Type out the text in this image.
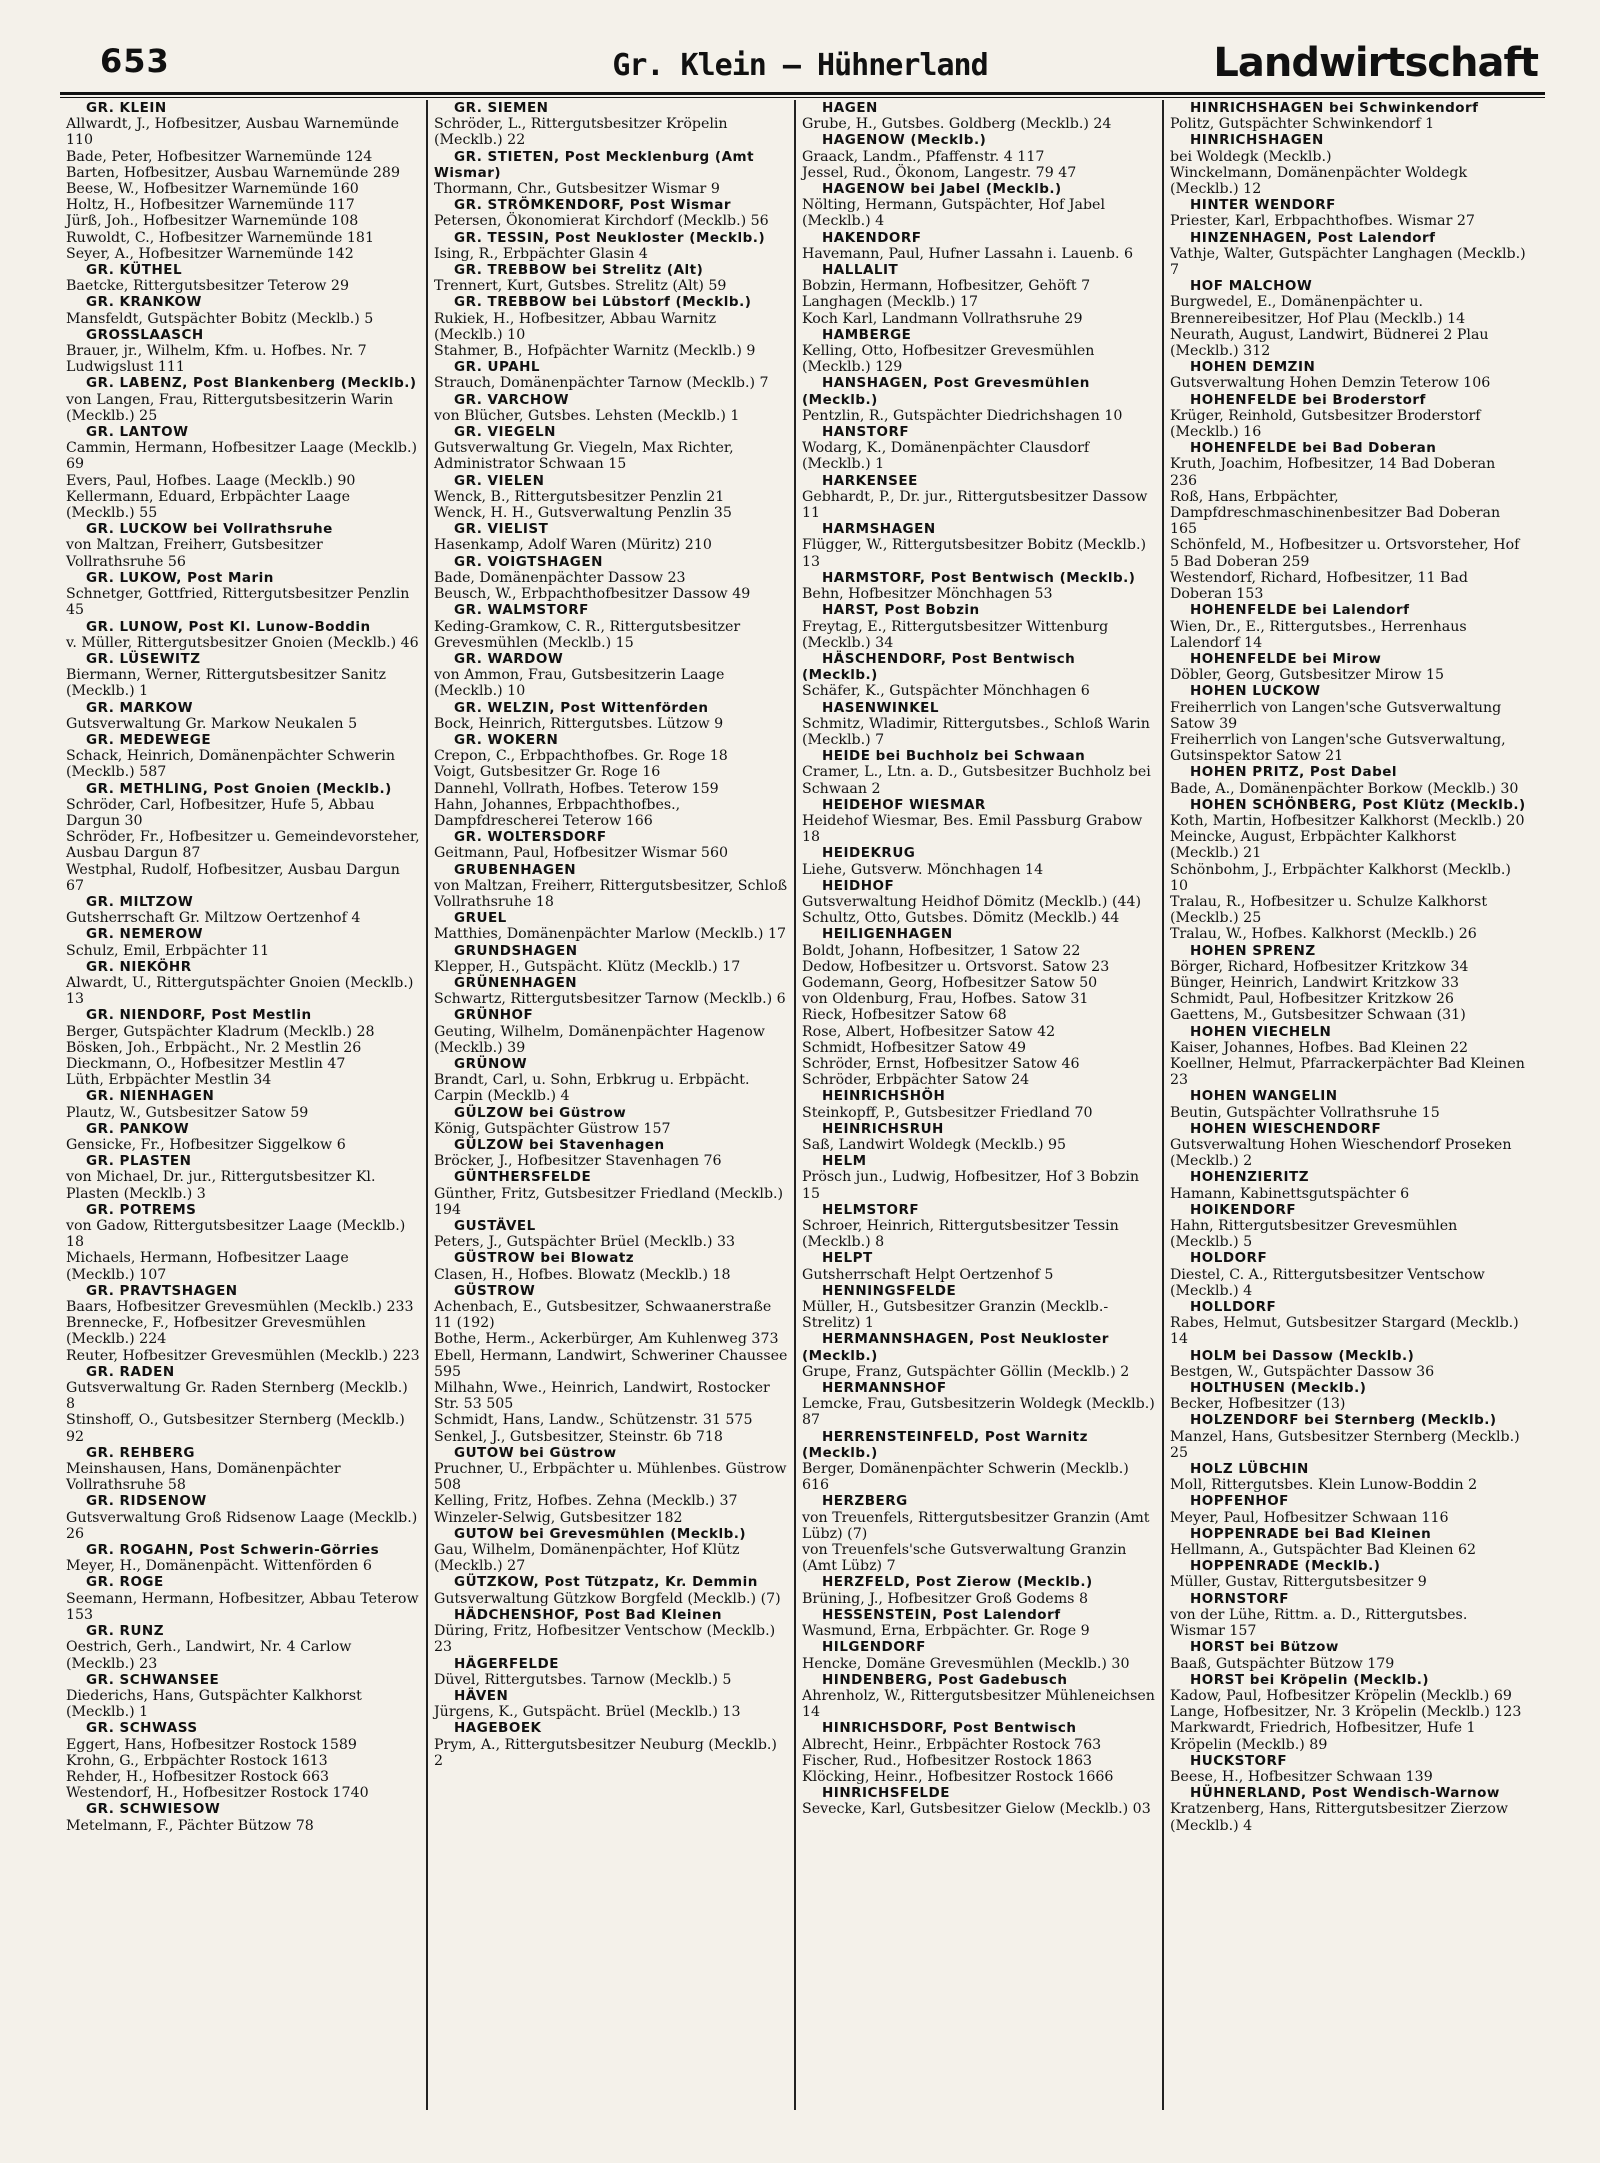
653	Gr. Klein — Hühnerland	Landwirtschaft
GR. KLEIN
Allwardt, J., Hofbesitzer, Ausbau Warnemünde 110
Bade, Peter, Hofbesitzer Warnemünde 124
Barten, Hofbesitzer, Ausbau Warnemünde 289
Beese, W., Hofbesitzer Warnemünde 160
Holtz, H., Hofbesitzer Warnemünde 117
Jürß, Joh., Hofbesitzer Warnemünde 108
Ruwoldt, C., Hofbesitzer Warnemünde 181
Seyer, A., Hofbesitzer Warnemünde 142
GR. KÜTHEL
Baetcke, Rittergutsbesitzer Teterow 29
GR. KRANKOW
Mansfeldt, Gutspächter Bobitz (Mecklb.) 5
GROSSLAASCH
Brauer, jr., Wilhelm, Kfm. u. Hofbes. Nr. 7 Ludwigslust 111
GR. LABENZ, Post Blankenberg (Mecklb.)
von Langen, Frau, Rittergutsbesitzerin Warin (Mecklb.) 25
GR. LANTOW
Cammin, Hermann, Hofbesitzer Laage (Mecklb.) 69
Evers, Paul, Hofbes. Laage (Mecklb.) 90
Kellermann, Eduard, Erbpächter Laage (Mecklb.) 55
GR. LUCKOW bei Vollrathsruhe
von Maltzan, Freiherr, Gutsbesitzer Vollrathsruhe 56
GR. LUKOW, Post Marin
Schnetger, Gottfried, Rittergutsbesitzer Penzlin 45
GR. LUNOW, Post Kl. Lunow-Boddin
v. Müller, Rittergutsbesitzer Gnoien (Mecklb.) 46
GR. LÜSEWITZ
Biermann, Werner, Rittergutsbesitzer Sanitz (Mecklb.) 1
GR. MARKOW
Gutsverwaltung Gr. Markow Neukalen 5
GR. MEDEWEGE
Schack, Heinrich, Domänenpächter Schwerin (Mecklb.) 587
GR. METHLING, Post Gnoien (Mecklb.)
Schröder, Carl, Hofbesitzer, Hufe 5, Abbau Dargun 30
Schröder, Fr., Hofbesitzer u. Gemeindevorsteher, Ausbau Dargun 87
Westphal, Rudolf, Hofbesitzer, Ausbau Dargun 67
GR. MILTZOW
Gutsherrschaft Gr. Miltzow Oertzenhof 4
GR. NEMEROW
Schulz, Emil, Erbpächter 11
GR. NIEKÖHR
Alwardt, U., Rittergutspächter Gnoien (Mecklb.) 13
GR. NIENDORF, Post Mestlin
Berger, Gutspächter Kladrum (Mecklb.) 28
Bösken, Joh., Erbpächt., Nr. 2 Mestlin 26
Dieckmann, O., Hofbesitzer Mestlin 47
Lüth, Erbpächter Mestlin 34
GR. NIENHAGEN
Plautz, W., Gutsbesitzer Satow 59
GR. PANKOW
Gensicke, Fr., Hofbesitzer Siggelkow 6
GR. PLASTEN
von Michael, Dr. jur., Rittergutsbesitzer Kl. Plasten (Mecklb.) 3
GR. POTREMS
von Gadow, Rittergutsbesitzer Laage (Mecklb.) 18
Michaels, Hermann, Hofbesitzer Laage (Mecklb.) 107
GR. PRAVTSHAGEN
Baars, Hofbesitzer Grevesmühlen (Mecklb.) 233
Brennecke, F., Hofbesitzer Grevesmühlen (Mecklb.) 224
Reuter, Hofbesitzer Grevesmühlen (Mecklb.) 223
GR. RADEN
Gutsverwaltung Gr. Raden Sternberg (Mecklb.) 8
Stinshoff, O., Gutsbesitzer Sternberg (Mecklb.) 92
GR. REHBERG
Meinshausen, Hans, Domänenpächter Vollrathsruhe 58
GR. RIDSENOW
Gutsverwaltung Groß Ridsenow Laage (Mecklb.) 26
GR. ROGAHN, Post Schwerin-Görries
Meyer, H., Domänenpächt. Wittenförden 6
GR. ROGE
Seemann, Hermann, Hofbesitzer, Abbau Teterow 153
GR. RUNZ
Oestrich, Gerh., Landwirt, Nr. 4 Carlow (Mecklb.) 23
GR. SCHWANSEE
Diederichs, Hans, Gutspächter Kalkhorst (Mecklb.) 1
GR. SCHWASS
Eggert, Hans, Hofbesitzer Rostock 1589
Krohn, G., Erbpächter Rostock 1613
Rehder, H., Hofbesitzer Rostock 663
Westendorf, H., Hofbesitzer Rostock 1740
GR. SCHWIESOW
Metelmann, F., Pächter Bützow 78
GR. SIEMEN
Schröder, L., Rittergutsbesitzer Kröpelin (Mecklb.) 22
GR. STIETEN, Post Mecklenburg (Amt Wismar)
Thormann, Chr., Gutsbesitzer Wismar 9
GR. STRÖMKENDORF, Post Wismar
Petersen, Ökonomierat Kirchdorf (Mecklb.) 56
GR. TESSIN, Post Neukloster (Mecklb.)
Ising, R., Erbpächter Glasin 4
GR. TREBBOW bei Strelitz (Alt)
Trennert, Kurt, Gutsbes. Strelitz (Alt) 59
GR. TREBBOW bei Lübstorf (Mecklb.)
Rukiek, H., Hofbesitzer, Abbau Warnitz (Mecklb.) 10
Stahmer, B., Hofpächter Warnitz (Mecklb.) 9
GR. UPAHL
Strauch, Domänenpächter Tarnow (Mecklb.) 7
GR. VARCHOW
von Blücher, Gutsbes. Lehsten (Mecklb.) 1
GR. VIEGELN
Gutsverwaltung Gr. Viegeln, Max Richter, Administrator Schwaan 15
GR. VIELEN
Wenck, B., Rittergutsbesitzer Penzlin 21
Wenck, H. H., Gutsverwaltung Penzlin 35
GR. VIELIST
Hasenkamp, Adolf Waren (Müritz) 210
GR. VOIGTSHAGEN
Bade, Domänenpächter Dassow 23
Beusch, W., Erbpachthofbesitzer Dassow 49
GR. WALMSTORF
Keding-Gramkow, C. R., Rittergutsbesitzer Grevesmühlen (Mecklb.) 15
GR. WARDOW
von Ammon, Frau, Gutsbesitzerin Laage (Mecklb.) 10
GR. WELZIN, Post Wittenförden
Bock, Heinrich, Rittergutsbes. Lützow 9
GR. WOKERN
Crepon, C., Erbpachthofbes. Gr. Roge 18
Voigt, Gutsbesitzer Gr. Roge 16
Dannehl, Vollrath, Hofbes. Teterow 159
Hahn, Johannes, Erbpachthofbes., Dampfdrescherei Teterow 166
GR. WOLTERSDORF
Geitmann, Paul, Hofbesitzer Wismar 560
GRUBENHAGEN
von Maltzan, Freiherr, Rittergutsbesitzer, Schloß Vollrathsruhe 18
GRUEL
Matthies, Domänenpächter Marlow (Mecklb.) 17
GRUNDSHAGEN
Klepper, H., Gutspächt. Klütz (Mecklb.) 17
GRÜNENHAGEN
Schwartz, Rittergutsbesitzer Tarnow (Mecklb.) 6
GRÜNHOF
Geuting, Wilhelm, Domänenpächter Hagenow (Mecklb.) 39
GRÜNOW
Brandt, Carl, u. Sohn, Erbkrug u. Erbpächt. Carpin (Mecklb.) 4
GÜLZOW bei Güstrow
König, Gutspächter Güstrow 157
GÜLZOW bei Stavenhagen
Bröcker, J., Hofbesitzer Stavenhagen 76
GÜNTHERSFELDE
Günther, Fritz, Gutsbesitzer Friedland (Mecklb.) 194
GUSTÄVEL
Peters, J., Gutspächter Brüel (Mecklb.) 33
GÜSTROW bei Blowatz
Clasen, H., Hofbes. Blowatz (Mecklb.) 18
GÜSTROW
Achenbach, E., Gutsbesitzer, Schwaanerstraße 11 (192)
Bothe, Herm., Ackerbürger, Am Kuhlenweg 373
Ebell, Hermann, Landwirt, Schweriner Chaussee 595
Milhahn, Wwe., Heinrich, Landwirt, Rostocker Str. 53 505
Schmidt, Hans, Landw., Schützenstr. 31 575
Senkel, J., Gutsbesitzer, Steinstr. 6b 718
GUTOW bei Güstrow
Pruchner, U., Erbpächter u. Mühlenbes. Güstrow 508
Kelling, Fritz, Hofbes. Zehna (Mecklb.) 37
Winzeler-Selwig, Gutsbesitzer 182
GUTOW bei Grevesmühlen (Mecklb.)
Gau, Wilhelm, Domänenpächter, Hof Klütz (Mecklb.) 27
GÜTZKOW, Post Tützpatz, Kr. Demmin
Gutsverwaltung Gützkow Borgfeld (Mecklb.) (7)
HÄDCHENSHOF, Post Bad Kleinen
Düring, Fritz, Hofbesitzer Ventschow (Mecklb.) 23
HÄGERFELDE
Düvel, Rittergutsbes. Tarnow (Mecklb.) 5
HÄVEN
Jürgens, K., Gutspächt. Brüel (Mecklb.) 13
HAGEBOEK
Prym, A., Rittergutsbesitzer Neuburg (Mecklb.) 2
HAGEN
Grube, H., Gutsbes. Goldberg (Mecklb.) 24
HAGENOW (Mecklb.)
Graack, Landm., Pfaffenstr. 4 117
Jessel, Rud., Ökonom, Langestr. 79 47
HAGENOW bei Jabel (Mecklb.)
Nölting, Hermann, Gutspächter, Hof Jabel (Mecklb.) 4
HAKENDORF
Havemann, Paul, Hufner Lassahn i. Lauenb. 6
HALLALIT
Bobzin, Hermann, Hofbesitzer, Gehöft 7 Langhagen (Mecklb.) 17
Koch Karl, Landmann Vollrathsruhe 29
HAMBERGE
Kelling, Otto, Hofbesitzer Grevesmühlen (Mecklb.) 129
HANSHAGEN, Post Grevesmühlen (Mecklb.)
Pentzlin, R., Gutspächter Diedrichshagen 10
HANSTORF
Wodarg, K., Domänenpächter Clausdorf (Mecklb.) 1
HARKENSEE
Gebhardt, P., Dr. jur., Rittergutsbesitzer Dassow 11
HARMSHAGEN
Flügger, W., Rittergutsbesitzer Bobitz (Mecklb.) 13
HARMSTORF, Post Bentwisch (Mecklb.)
Behn, Hofbesitzer Mönchhagen 53
HARST, Post Bobzin
Freytag, E., Rittergutsbesitzer Wittenburg (Mecklb.) 34
HÄSCHENDORF, Post Bentwisch (Mecklb.)
Schäfer, K., Gutspächter Mönchhagen 6
HASENWINKEL
Schmitz, Wladimir, Rittergutsbes., Schloß Warin (Mecklb.) 7
HEIDE bei Buchholz bei Schwaan
Cramer, L., Ltn. a. D., Gutsbesitzer Buchholz bei Schwaan 2
HEIDEHOF WIESMAR
Heidehof Wiesmar, Bes. Emil Passburg Grabow 18
HEIDEKRUG
Liehe, Gutsverw. Mönchhagen 14
HEIDHOF
Gutsverwaltung Heidhof Dömitz (Mecklb.) (44)
Schultz, Otto, Gutsbes. Dömitz (Mecklb.) 44
HEILIGENHAGEN
Boldt, Johann, Hofbesitzer, 1 Satow 22
Dedow, Hofbesitzer u. Ortsvorst. Satow 23
Godemann, Georg, Hofbesitzer Satow 50
von Oldenburg, Frau, Hofbes. Satow 31
Rieck, Hofbesitzer Satow 68
Rose, Albert, Hofbesitzer Satow 42
Schmidt, Hofbesitzer Satow 49
Schröder, Ernst, Hofbesitzer Satow 46
Schröder, Erbpächter Satow 24
HEINRICHSHÖH
Steinkopff, P., Gutsbesitzer Friedland 70
HEINRICHSRUH
Saß, Landwirt Woldegk (Mecklb.) 95
HELM
Prösch jun., Ludwig, Hofbesitzer, Hof 3 Bobzin 15
HELMSTORF
Schroer, Heinrich, Rittergutsbesitzer Tessin (Mecklb.) 8
HELPT
Gutsherrschaft Helpt Oertzenhof 5
HENNINGSFELDE
Müller, H., Gutsbesitzer Granzin (Mecklb.-Strelitz) 1
HERMANNSHAGEN, Post Neukloster (Mecklb.)
Grupe, Franz, Gutspächter Göllin (Mecklb.) 2
HERMANNSHOF
Lemcke, Frau, Gutsbesitzerin Woldegk (Mecklb.) 87
HERRENSTEINFELD, Post Warnitz (Mecklb.)
Berger, Domänenpächter Schwerin (Mecklb.) 616
HERZBERG
von Treuenfels, Rittergutsbesitzer Granzin (Amt Lübz) (7)
von Treuenfels'sche Gutsverwaltung Granzin (Amt Lübz) 7
HERZFELD, Post Zierow (Mecklb.)
Brüning, J., Hofbesitzer Groß Godems 8
HESSENSTEIN, Post Lalendorf
Wasmund, Erna, Erbpächter. Gr. Roge 9
HILGENDORF
Hencke, Domäne Grevesmühlen (Mecklb.) 30
HINDENBERG, Post Gadebusch
Ahrenholz, W., Rittergutsbesitzer Mühleneichsen 14
HINRICHSDORF, Post Bentwisch
Albrecht, Heinr., Erbpächter Rostock 763
Fischer, Rud., Hofbesitzer Rostock 1863
Klöcking, Heinr., Hofbesitzer Rostock 1666
HINRICHSFELDE
Sevecke, Karl, Gutsbesitzer Gielow (Mecklb.) 03
HINRICHSHAGEN bei Schwinkendorf
Politz, Gutspächter Schwinkendorf 1
HINRICHSHAGEN
bei Woldegk (Mecklb.)
Winckelmann, Domänenpächter Woldegk (Mecklb.) 12
HINTER WENDORF
Priester, Karl, Erbpachthofbes. Wismar 27
HINZENHAGEN, Post Lalendorf
Vathje, Walter, Gutspächter Langhagen (Mecklb.) 7
HOF MALCHOW
Burgwedel, E., Domänenpächter u. Brennereibesitzer, Hof Plau (Mecklb.) 14
Neurath, August, Landwirt, Büdnerei 2 Plau (Mecklb.) 312
HOHEN DEMZIN
Gutsverwaltung Hohen Demzin Teterow 106
HOHENFELDE bei Broderstorf
Krüger, Reinhold, Gutsbesitzer Broderstorf (Mecklb.) 16
HOHENFELDE bei Bad Doberan
Kruth, Joachim, Hofbesitzer, 14 Bad Doberan 236
Roß, Hans, Erbpächter, Dampfdreschmaschinenbesitzer Bad Doberan 165
Schönfeld, M., Hofbesitzer u. Ortsvorsteher, Hof 5 Bad Doberan 259
Westendorf, Richard, Hofbesitzer, 11 Bad Doberan 153
HOHENFELDE bei Lalendorf
Wien, Dr., E., Rittergutsbes., Herrenhaus Lalendorf 14
HOHENFELDE bei Mirow
Döbler, Georg, Gutsbesitzer Mirow 15
HOHEN LUCKOW
Freiherrlich von Langen'sche Gutsverwaltung Satow 39
Freiherrlich von Langen'sche Gutsverwaltung, Gutsinspektor Satow 21
HOHEN PRITZ, Post Dabel
Bade, A., Domänenpächter Borkow (Mecklb.) 30
HOHEN SCHÖNBERG, Post Klütz (Mecklb.)
Koth, Martin, Hofbesitzer Kalkhorst (Mecklb.) 20
Meincke, August, Erbpächter Kalkhorst (Mecklb.) 21
Schönbohm, J., Erbpächter Kalkhorst (Mecklb.) 10
Tralau, R., Hofbesitzer u. Schulze Kalkhorst (Mecklb.) 25
Tralau, W., Hofbes. Kalkhorst (Mecklb.) 26
HOHEN SPRENZ
Börger, Richard, Hofbesitzer Kritzkow 34
Bünger, Heinrich, Landwirt Kritzkow 33
Schmidt, Paul, Hofbesitzer Kritzkow 26
Gaettens, M., Gutsbesitzer Schwaan (31)
HOHEN VIECHELN
Kaiser, Johannes, Hofbes. Bad Kleinen 22
Koellner, Helmut, Pfarrackerpächter Bad Kleinen 23
HOHEN WANGELIN
Beutin, Gutspächter Vollrathsruhe 15
HOHEN WIESCHENDORF
Gutsverwaltung Hohen Wieschendorf Proseken (Mecklb.) 2
HOHENZIERITZ
Hamann, Kabinettsgutspächter 6
HOIKENDORF
Hahn, Rittergutsbesitzer Grevesmühlen (Mecklb.) 5
HOLDORF
Diestel, C. A., Rittergutsbesitzer Ventschow (Mecklb.) 4
HOLLDORF
Rabes, Helmut, Gutsbesitzer Stargard (Mecklb.) 14
HOLM bei Dassow (Mecklb.)
Bestgen, W., Gutspächter Dassow 36
HOLTHUSEN (Mecklb.)
Becker, Hofbesitzer (13)
HOLZENDORF bei Sternberg (Mecklb.)
Manzel, Hans, Gutsbesitzer Sternberg (Mecklb.) 25
HOLZ LÜBCHIN
Moll, Rittergutsbes. Klein Lunow-Boddin 2
HOPFENHOF
Meyer, Paul, Hofbesitzer Schwaan 116
HOPPENRADE bei Bad Kleinen
Hellmann, A., Gutspächter Bad Kleinen 62
HOPPENRADE (Mecklb.)
Müller, Gustav, Rittergutsbesitzer 9
HORNSTORF
von der Lühe, Rittm. a. D., Rittergutsbes. Wismar 157
HORST bei Bützow
Baaß, Gutspächter Bützow 179
HORST bei Kröpelin (Mecklb.)
Kadow, Paul, Hofbesitzer Kröpelin (Mecklb.) 69
Lange, Hofbesitzer, Nr. 3 Kröpelin (Mecklb.) 123
Markwardt, Friedrich, Hofbesitzer, Hufe 1 Kröpelin (Mecklb.) 89
HUCKSTORF
Beese, H., Hofbesitzer Schwaan 139
HÜHNERLAND, Post Wendisch-Warnow
Kratzenberg, Hans, Rittergutsbesitzer Zierzow (Mecklb.) 4
